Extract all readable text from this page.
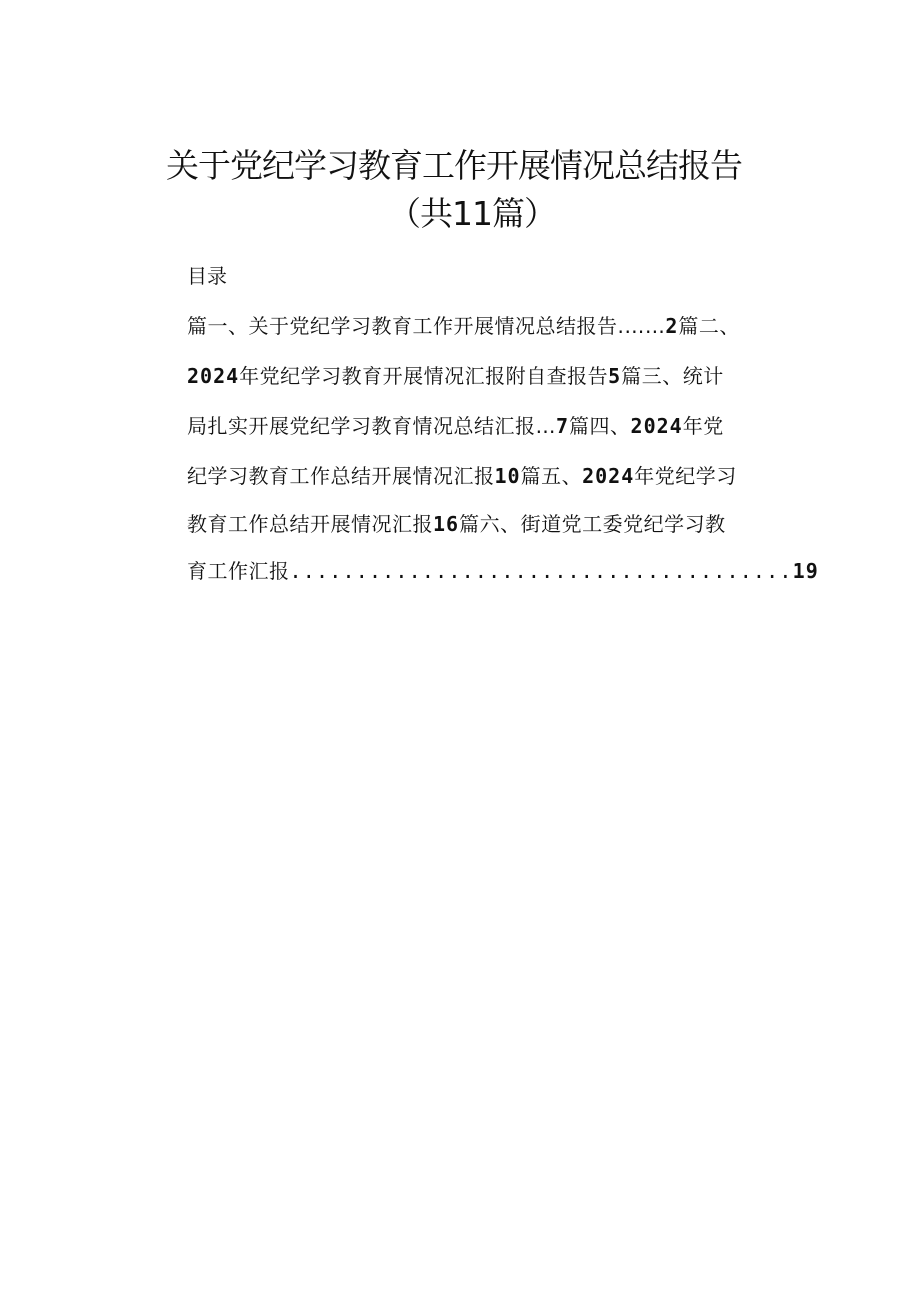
关于党纪学习教育工作开展情况总结报告
（共11篇）
目录
篇一、关于党纪学习教育工作开展情况总结报告.……2篇二、
2024年党纪学习教育开展情况汇报附自查报告5篇三、统计
局扎实开展党纪学习教育情况总结汇报…7篇四、2024年党
纪学习教育工作总结开展情况汇报10篇五、2024年党纪学习
教育工作总结开展情况汇报16篇六、街道党工委党纪学习教
育工作汇报......................................19
